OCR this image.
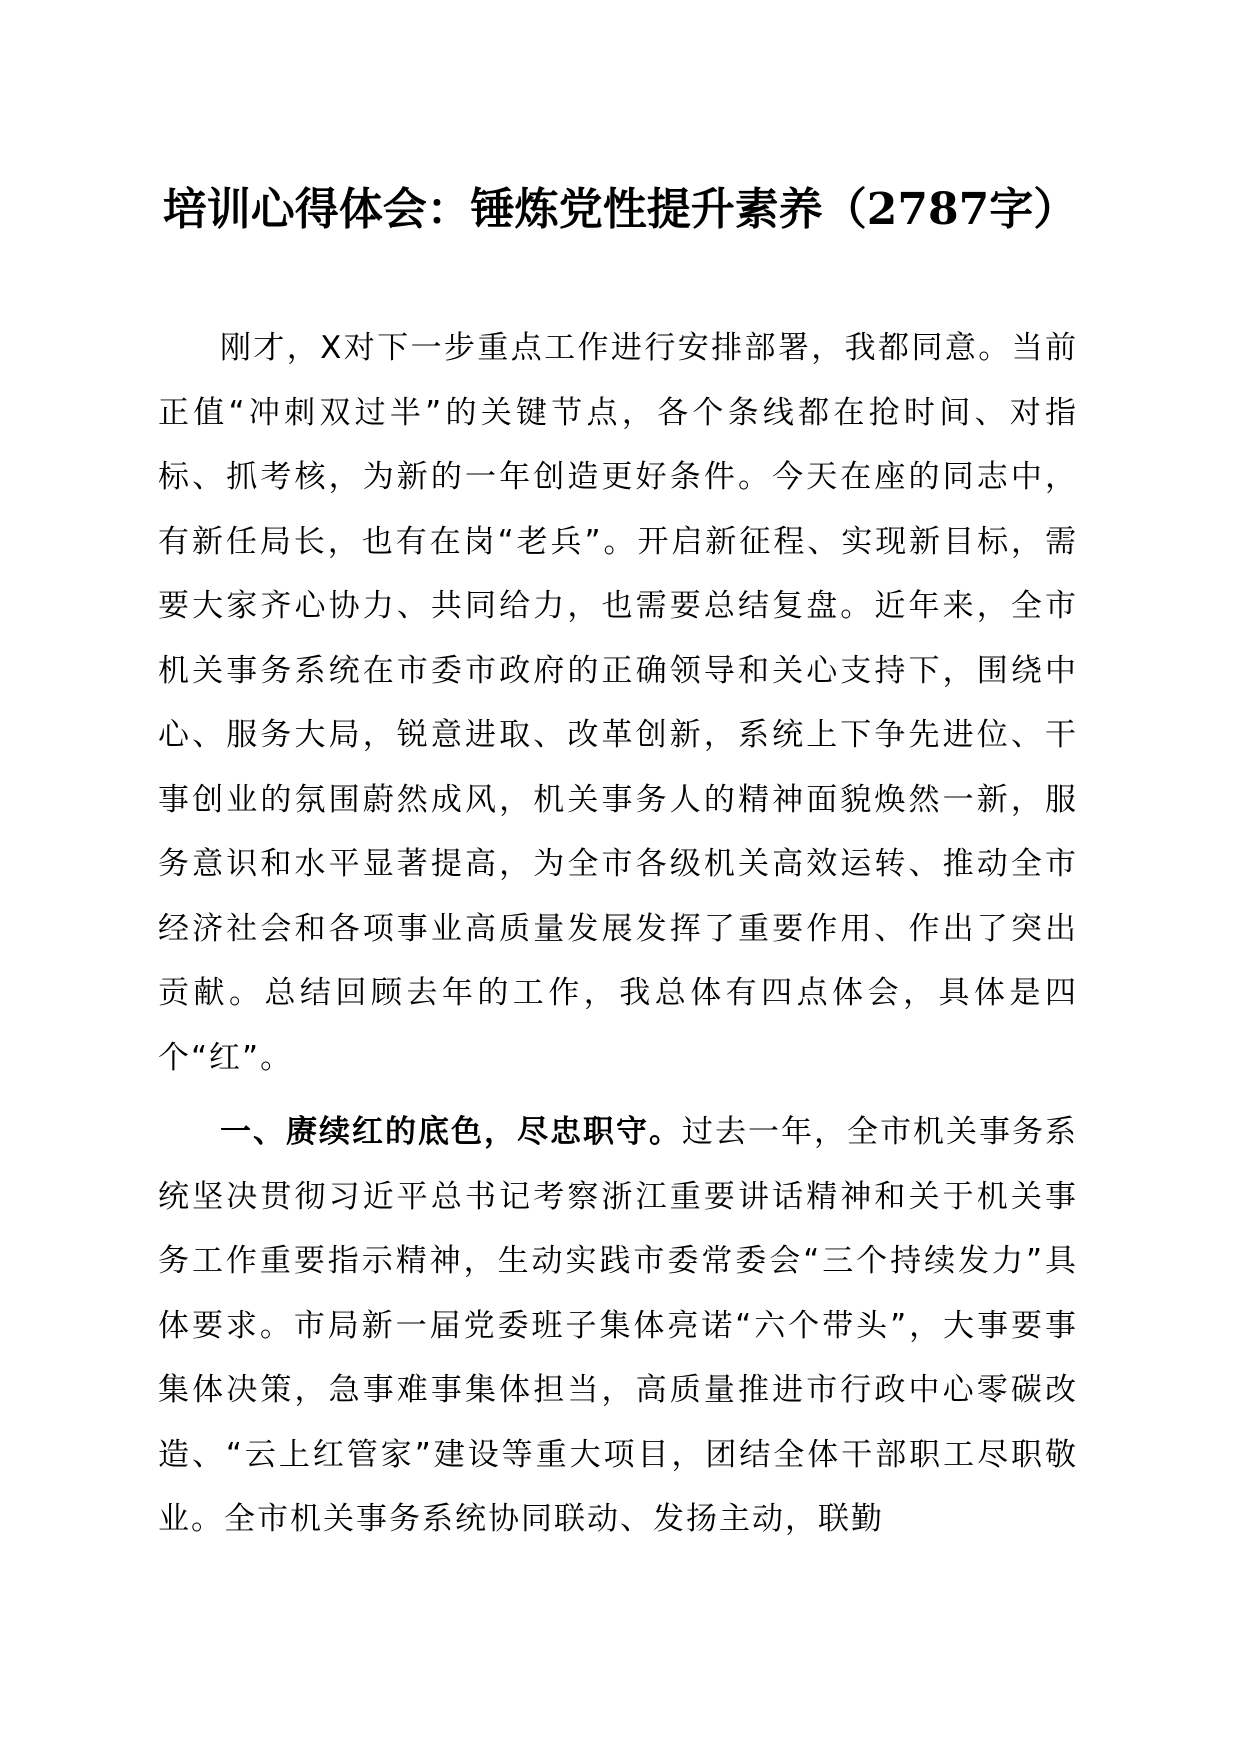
培训心得体会：锤炼党性提升素养（2787字）

刚才，X对下一步重点工作进行安排部署，我都同意。当前正值“冲刺双过半”的关键节点，各个条线都在抢时间、对指标、抓考核，为新的一年创造更好条件。今天在座的同志中，有新任局长，也有在岗“老兵”。开启新征程、实现新目标，需要大家齐心协力、共同给力，也需要总结复盘。近年来，全市机关事务系统在市委市政府的正确领导和关心支持下，围绕中心、服务大局，锐意进取、改革创新，系统上下争先进位、干事创业的氛围蔚然成风，机关事务人的精神面貌焕然一新，服务意识和水平显著提高，为全市各级机关高效运转、推动全市经济社会和各项事业高质量发展发挥了重要作用、作出了突出贡献。总结回顾去年的工作，我总体有四点体会，具体是四个“红”。

一、赓续红的底色，尽忠职守。过去一年，全市机关事务系统坚决贯彻习近平总书记考察浙江重要讲话精神和关于机关事务工作重要指示精神，生动实践市委常委会“三个持续发力”具体要求。市局新一届党委班子集体亮诺“六个带头”，大事要事集体决策，急事难事集体担当，高质量推进市行政中心零碳改造、“云上红管家”建设等重大项目，团结全体干部职工尽职敬业。全市机关事务系统协同联动、发扬主动，联勤
